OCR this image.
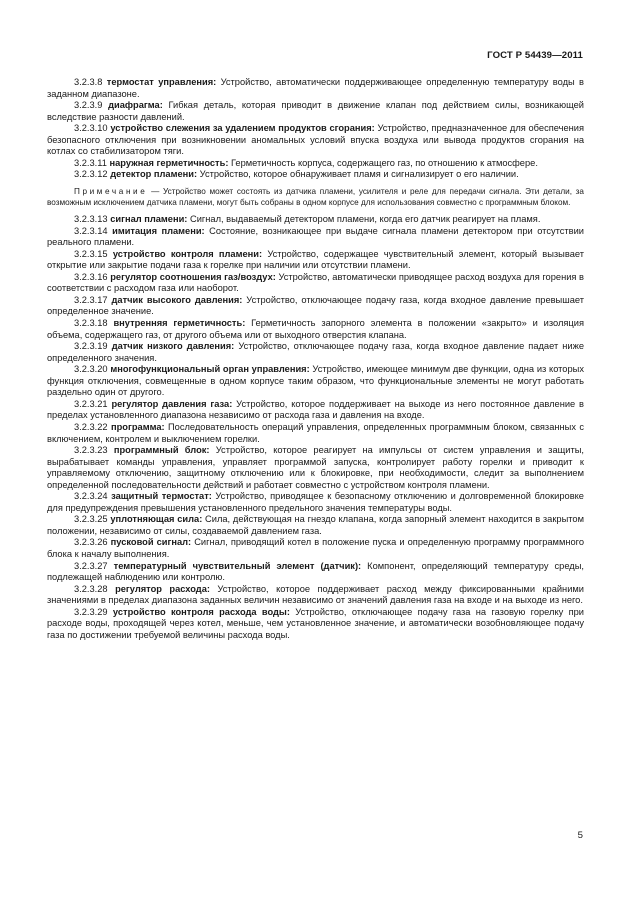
ГОСТ Р 54439—2011

3.2.3.8 термостат управления: Устройство, автоматически поддерживающее определенную температуру воды в заданном диапазоне.

3.2.3.9 диафрагма: Гибкая деталь, которая приводит в движение клапан под действием силы, возникающей вследствие разности давлений.

3.2.3.10 устройство слежения за удалением продуктов сгорания: Устройство, предназначенное для обеспечения безопасного отключения при возникновении аномальных условий впуска воздуха или вывода продуктов сгорания на котлах со стабилизатором тяги.

3.2.3.11 наружная герметичность: Герметичность корпуса, содержащего газ, по отношению к атмосфере.

3.2.3.12 детектор пламени: Устройство, которое обнаруживает пламя и сигнализирует о его наличии.

Примечание — Устройство может состоять из датчика пламени, усилителя и реле для передачи сигнала. Эти детали, за возможным исключением датчика пламени, могут быть собраны в одном корпусе для использования совместно с программным блоком.

3.2.3.13 сигнал пламени: Сигнал, выдаваемый детектором пламени, когда его датчик реагирует на пламя.

3.2.3.14 имитация пламени: Состояние, возникающее при выдаче сигнала пламени детектором при отсутствии реального пламени.

3.2.3.15 устройство контроля пламени: Устройство, содержащее чувствительный элемент, который вызывает открытие или закрытие подачи газа к горелке при наличии или отсутствии пламени.

3.2.3.16 регулятор соотношения газ/воздух: Устройство, автоматически приводящее расход воздуха для горения в соответствии с расходом газа или наоборот.

3.2.3.17 датчик высокого давления: Устройство, отключающее подачу газа, когда входное давление превышает определенное значение.

3.2.3.18 внутренняя герметичность: Герметичность запорного элемента в положении «закрыто» и изоляция объема, содержащего газ, от другого объема или от выходного отверстия клапана.

3.2.3.19 датчик низкого давления: Устройство, отключающее подачу газа, когда входное давление падает ниже определенного значения.

3.2.3.20 многофункциональный орган управления: Устройство, имеющее минимум две функции, одна из которых функция отключения, совмещенные в одном корпусе таким образом, что функциональные элементы не могут работать раздельно один от другого.

3.2.3.21 регулятор давления газа: Устройство, которое поддерживает на выходе из него постоянное давление в пределах установленного диапазона независимо от расхода газа и давления на входе.

3.2.3.22 программа: Последовательность операций управления, определенных программным блоком, связанных с включением, контролем и выключением горелки.

3.2.3.23 программный блок: Устройство, которое реагирует на импульсы от систем управления и защиты, вырабатывает команды управления, управляет программой запуска, контролирует работу горелки и приводит к управляемому отключению, защитному отключению или к блокировке, при необходимости, следит за выполнением определенной последовательности действий и работает совместно с устройством контроля пламени.

3.2.3.24 защитный термостат: Устройство, приводящее к безопасному отключению и долговременной блокировке для предупреждения превышения установленного предельного значения температуры воды.

3.2.3.25 уплотняющая сила: Сила, действующая на гнездо клапана, когда запорный элемент находится в закрытом положении, независимо от силы, создаваемой давлением газа.

3.2.3.26 пусковой сигнал: Сигнал, приводящий котел в положение пуска и определенную программу программного блока к началу выполнения.

3.2.3.27 температурный чувствительный элемент (датчик): Компонент, определяющий температуру среды, подлежащей наблюдению или контролю.

3.2.3.28 регулятор расхода: Устройство, которое поддерживает расход между фиксированными крайними значениями в пределах диапазона заданных величин независимо от значений давления газа на входе и на выходе из него.

3.2.3.29 устройство контроля расхода воды: Устройство, отключающее подачу газа на газовую горелку при расходе воды, проходящей через котел, меньше, чем установленное значение, и автоматически возобновляющее подачу газа по достижении требуемой величины расхода воды.

5
